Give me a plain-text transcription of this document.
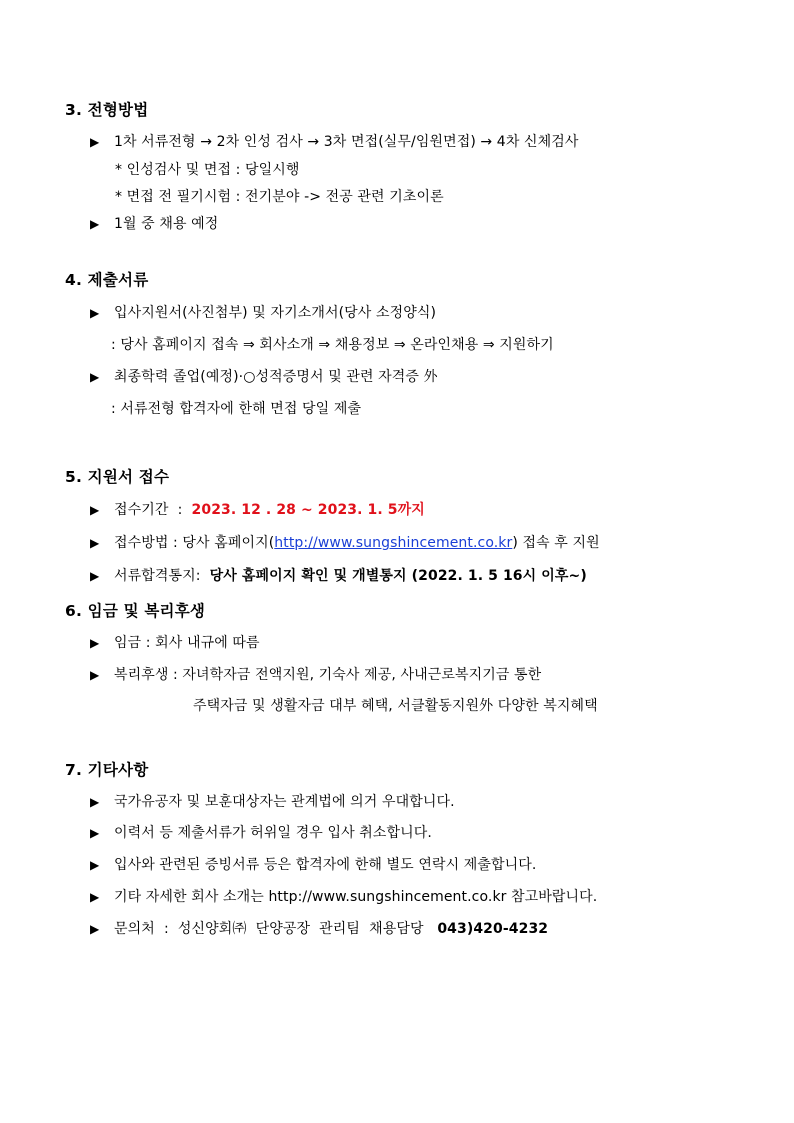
3. 전형방법
▶ 1차 서류전형 → 2차 인성 검사 → 3차 면접(실무/임원면접) → 4차 신체검사
* 인성검사 및 면접 : 당일시행
* 면접 전 필기시험 : 전기분야 -> 전공 관련 기초이론
▶ 1월 중 채용 예정
4. 제출서류
▶ 입사지원서(사진첨부) 및 자기소개서(당사 소정양식)
: 당사 홈페이지 접속 ⇒ 회사소개 ⇒ 채용정보 ⇒ 온라인채용 ⇒ 지원하기
▶ 최종학력 졸업(예정)·○성적증명서 및 관련 자격증 外
: 서류전형 합격자에 한해 면접 당일 제출
5. 지원서 접수
▶ 접수기간  :  2023. 12 . 28 ~ 2023. 1. 5까지
▶ 접수방법 : 당사 홈페이지(http://www.sungshincement.co.kr) 접속 후 지원
▶ 서류합격통지:  당사 홈페이지 확인 및 개별통지 (2022. 1. 5 16시 이후~)
6. 임금 및 복리후생
▶ 임금 : 회사 내규에 따름
▶ 복리후생 : 자녀학자금 전액지원, 기숙사 제공, 사내근로복지기금 통한
주택자금 및 생활자금 대부 혜택, 서클활동지원外 다양한 복지혜택
7. 기타사항
▶ 국가유공자 및 보훈대상자는 관계법에 의거 우대합니다.
▶ 이력서 등 제출서류가 허위일 경우 입사 취소합니다.
▶ 입사와 관련된 증빙서류 등은 합격자에 한해 별도 연락시 제출합니다.
▶ 기타 자세한 회사 소개는 http://www.sungshincement.co.kr 참고바랍니다.
▶ 문의처  :  성신양회㈜  단양공장  관리팀  채용담당   043)420-4232
